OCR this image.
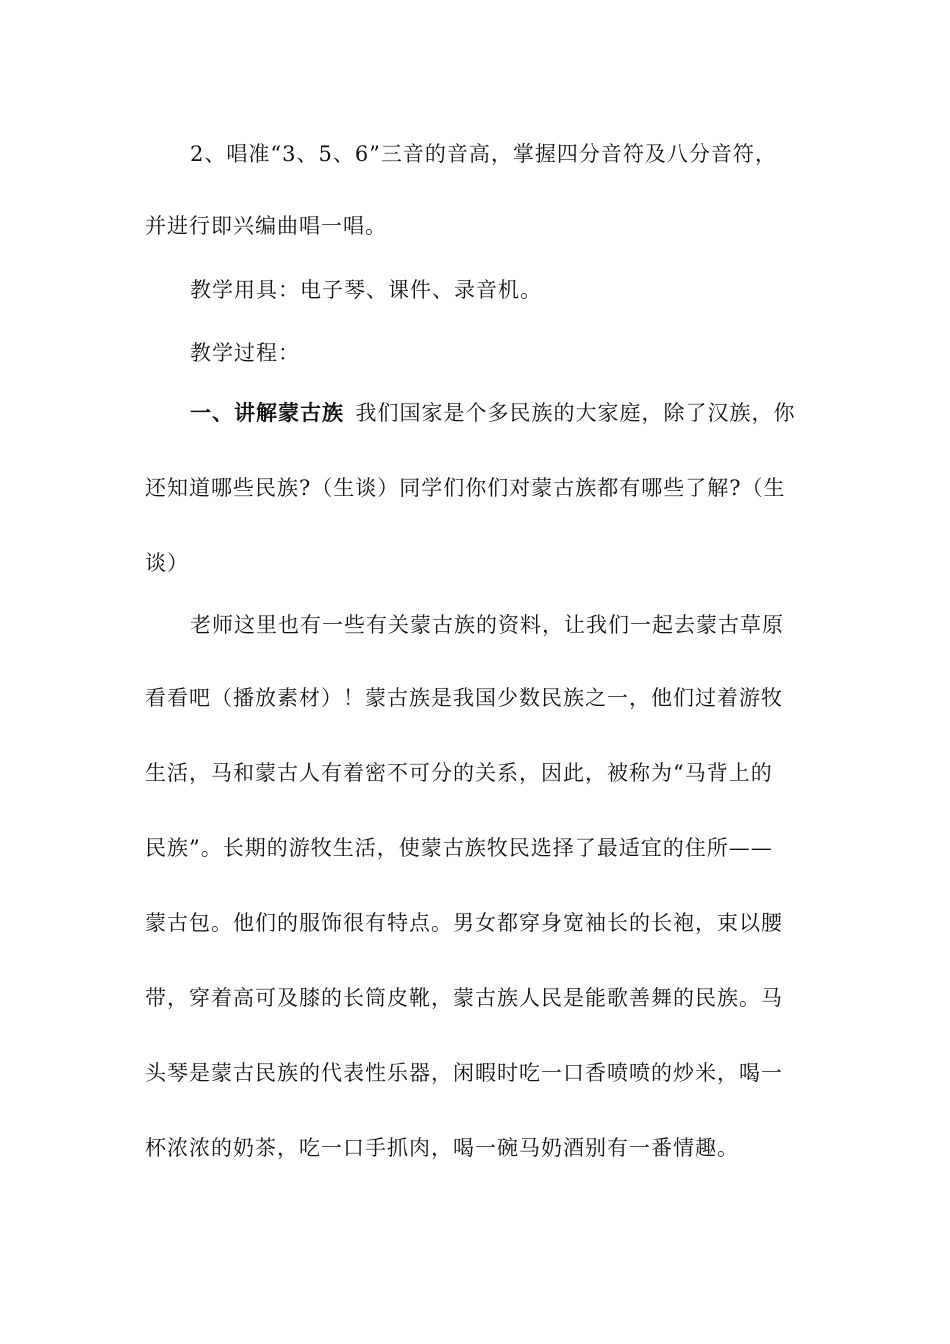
2、唱准“3、5、6”三音的音高，掌握四分音符及八分音符，
并进行即兴编曲唱一唱。
教学用具：电子琴、课件、录音机。
教学过程：
一、讲解蒙古族  我们国家是个多民族的大家庭，除了汉族，你
还知道哪些民族?（生谈）同学们你们对蒙古族都有哪些了解?（生
谈）
老师这里也有一些有关蒙古族的资料，让我们一起去蒙古草原
看看吧（播放素材）！蒙古族是我国少数民族之一，他们过着游牧
生活，马和蒙古人有着密不可分的关系，因此，被称为“马背上的
民族”。长期的游牧生活，使蒙古族牧民选择了最适宜的住所——
蒙古包。他们的服饰很有特点。男女都穿身宽袖长的长袍，束以腰
带，穿着高可及膝的长筒皮靴，蒙古族人民是能歌善舞的民族。马
头琴是蒙古民族的代表性乐器，闲暇时吃一口香喷喷的炒米，喝一
杯浓浓的奶茶，吃一口手抓肉，喝一碗马奶酒别有一番情趣。
